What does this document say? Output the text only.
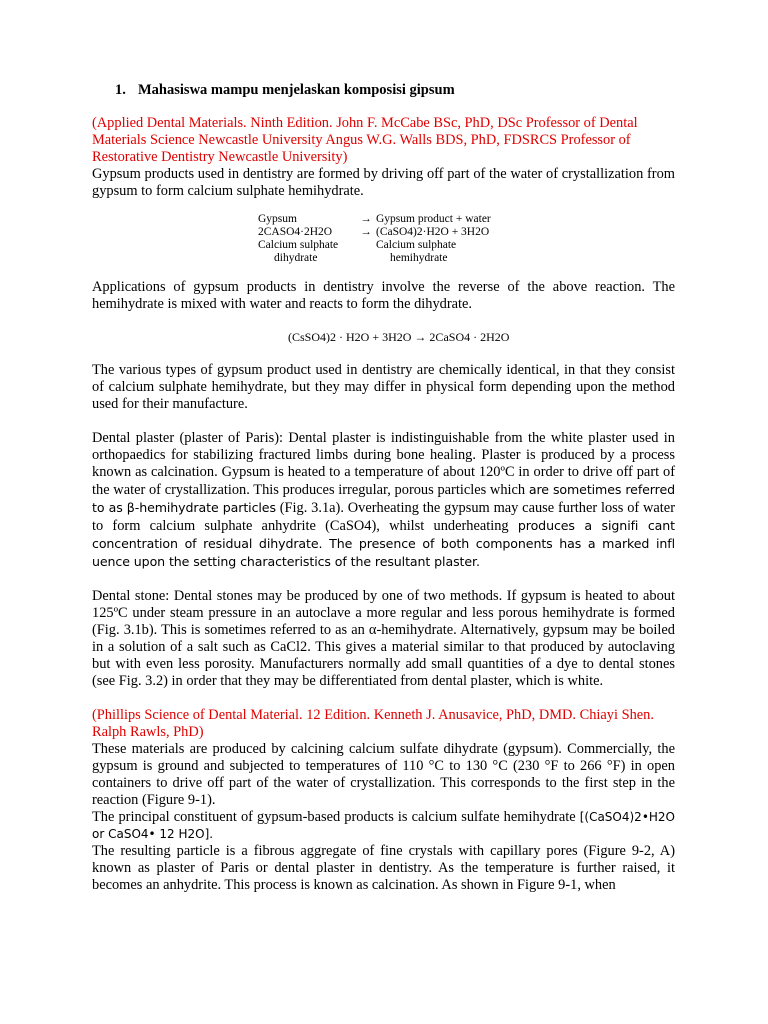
1. Mahasiswa mampu menjelaskan komposisi gipsum

(Applied Dental Materials. Ninth Edition. John F. McCabe BSc, PhD, DSc Professor of Dental Materials Science Newcastle University Angus W.G. Walls BDS, PhD, FDSRCS Professor of Restorative Dentistry Newcastle University)

Gypsum products used in dentistry are formed by driving off part of the water of crystallization from gypsum to form calcium sulphate hemihydrate.

Gypsum	→ Gypsum product + water
2CASO4·2H2O	→ (CaSO4)2·H2O + 3H2O
Calcium sulphate	Calcium sulphate
dihydrate	hemihydrate

Applications of gypsum products in dentistry involve the reverse of the above reaction. The hemihydrate is mixed with water and reacts to form the dihydrate.

(CsSO4)2 · H2O + 3H2O → 2CaSO4 · 2H2O

The various types of gypsum product used in dentistry are chemically identical, in that they consist of calcium sulphate hemihydrate, but they may differ in physical form depending upon the method used for their manufacture.

Dental plaster (plaster of Paris): Dental plaster is indistinguishable from the white plaster used in orthopaedics for stabilizing fractured limbs during bone healing. Plaster is produced by a process known as calcination. Gypsum is heated to a temperature of about 120ºC in order to drive off part of the water of crystallization. This produces irregular, porous particles which are sometimes referred to as β-hemihydrate particles (Fig. 3.1a). Overheating the gypsum may cause further loss of water to form calcium sulphate anhydrite (CaSO4), whilst underheating produces a signifi cant concentration of residual dihydrate. The presence of both components has a marked infl uence upon the setting characteristics of the resultant plaster.

Dental stone: Dental stones may be produced by one of two methods. If gypsum is heated to about 125ºC under steam pressure in an autoclave a more regular and less porous hemihydrate is formed (Fig. 3.1b). This is sometimes referred to as an α-hemihydrate. Alternatively, gypsum may be boiled in a solution of a salt such as CaCl2. This gives a material similar to that produced by autoclaving but with even less porosity. Manufacturers normally add small quantities of a dye to dental stones (see Fig. 3.2) in order that they may be differentiated from dental plaster, which is white.

(Phillips Science of Dental Material. 12 Edition. Kenneth J. Anusavice, PhD, DMD. Chiayi Shen. Ralph Rawls, PhD)

These materials are produced by calcining calcium sulfate dihydrate (gypsum). Commercially, the gypsum is ground and subjected to temperatures of 110 °C to 130 °C (230 °F to 266 °F) in open containers to drive off part of the water of crystallization. This corresponds to the first step in the reaction (Figure 9-1).

The principal constituent of gypsum-based products is calcium sulfate hemihydrate [(CaSO4)2•H2O or CaSO4• 12 H2O].

The resulting particle is a fibrous aggregate of fine crystals with capillary pores (Figure 9-2, A) known as plaster of Paris or dental plaster in dentistry. As the temperature is further raised, it becomes an anhydrite. This process is known as calcination. As shown in Figure 9-1, when
